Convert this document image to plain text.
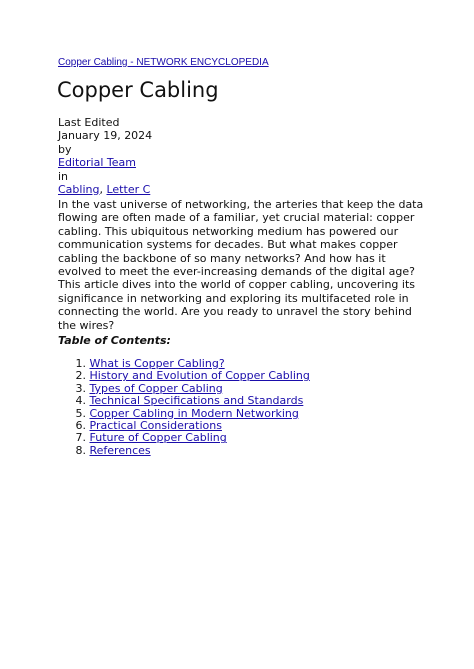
Copper Cabling - NETWORK ENCYCLOPEDIA
Copper Cabling
Last Edited
January 19, 2024
by
Editorial Team
in
Cabling, Letter C

In the vast universe of networking, the arteries that keep the data flowing are often made of a familiar, yet crucial material: copper cabling. This ubiquitous networking medium has powered our communication systems for decades. But what makes copper cabling the backbone of so many networks? And how has it evolved to meet the ever-increasing demands of the digital age? This article dives into the world of copper cabling, uncovering its significance in networking and exploring its multifaceted role in connecting the world. Are you ready to unravel the story behind the wires?

Table of Contents:

1. What is Copper Cabling?
2. History and Evolution of Copper Cabling
3. Types of Copper Cabling
4. Technical Specifications and Standards
5. Copper Cabling in Modern Networking
6. Practical Considerations
7. Future of Copper Cabling
8. References
